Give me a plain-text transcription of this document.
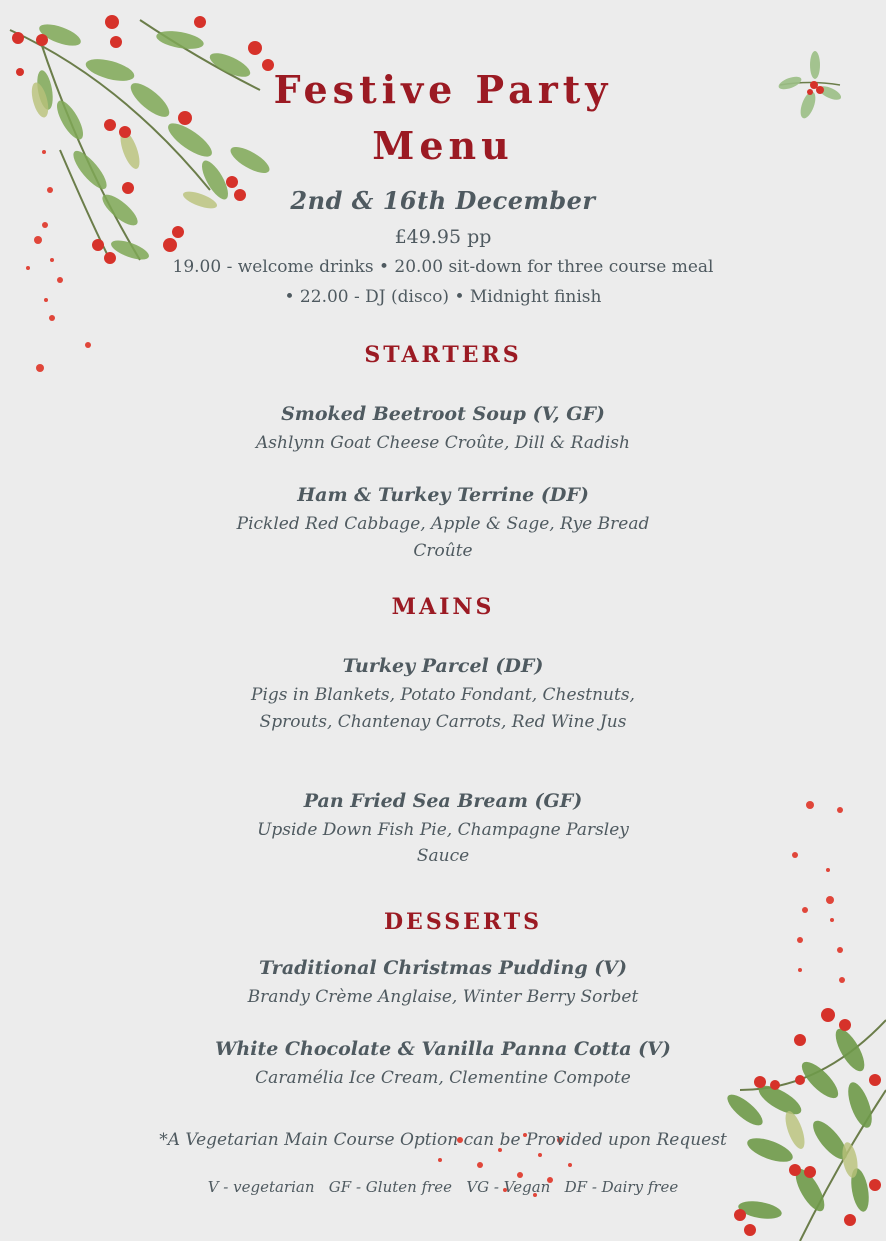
Festive Party
Menu
2nd & 16th December
£49.95 pp
19.00 - welcome drinks • 20.00 sit-down for three course meal
• 22.00 - DJ (disco) • Midnight finish
STARTERS
Smoked Beetroot Soup (V, GF)
Ashlynn Goat Cheese Croûte, Dill & Radish
Ham & Turkey Terrine (DF)
Pickled Red Cabbage, Apple & Sage, Rye Bread
Croûte
MAINS
Turkey Parcel (DF)
Pigs in Blankets, Potato Fondant, Chestnuts,
Sprouts, Chantenay Carrots, Red Wine Jus
Pan Fried Sea Bream (GF)
Upside Down Fish Pie, Champagne Parsley
Sauce
DESSERTS
Traditional Christmas Pudding (V)
Brandy Crème Anglaise, Winter Berry Sorbet
White Chocolate & Vanilla Panna Cotta (V)
Caramélia Ice Cream, Clementine Compote
*A Vegetarian Main Course Option can be Provided upon Request
V - vegetarian   GF - Gluten free   VG - Vegan   DF - Dairy free
